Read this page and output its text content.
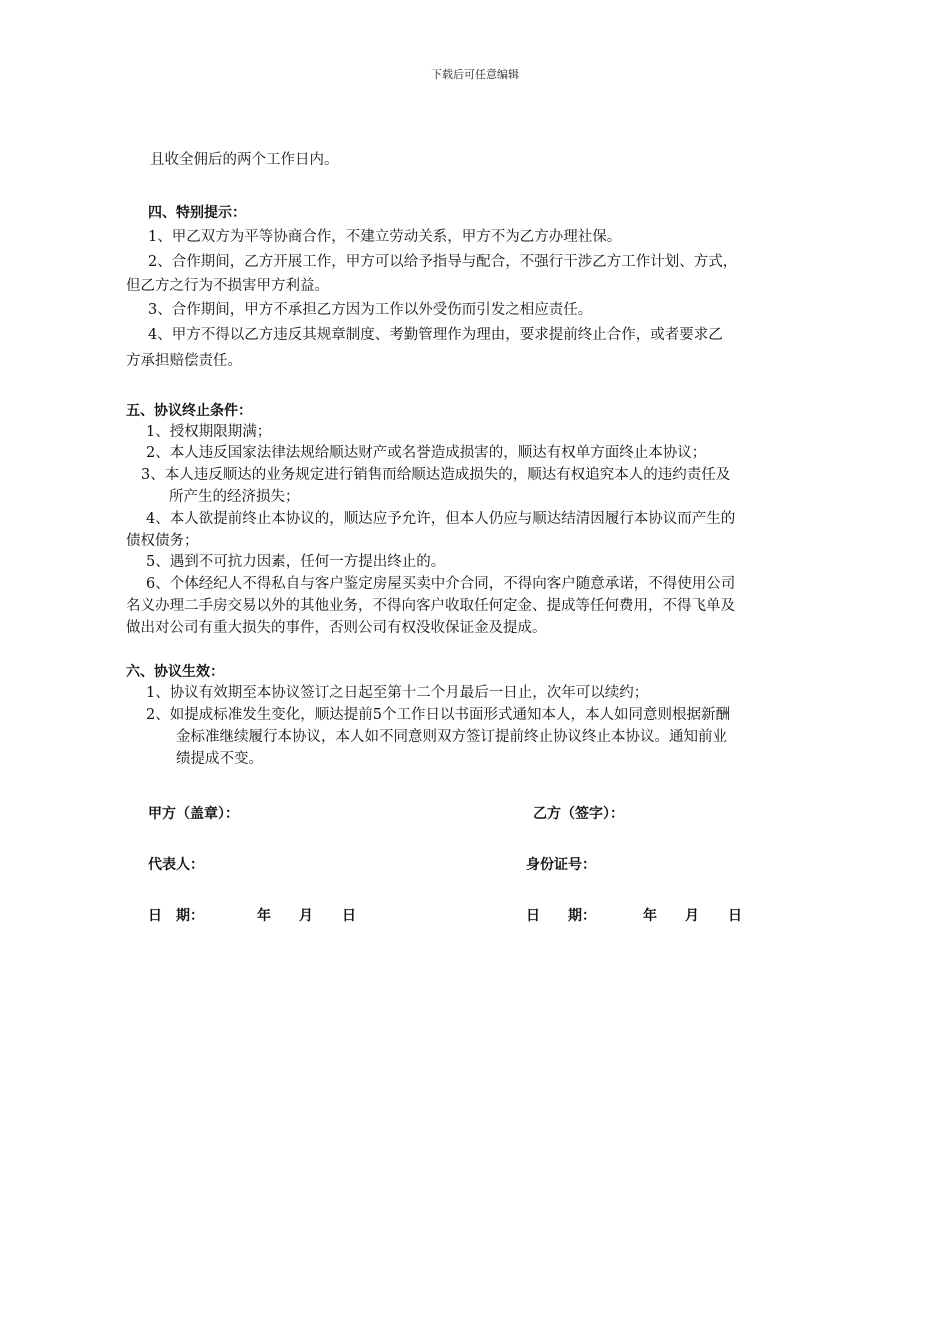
下载后可任意编辑
且收全佣后的两个工作日内。
四、特别提示：
1、甲乙双方为平等协商合作，不建立劳动关系，甲方不为乙方办理社保。
2、合作期间，乙方开展工作，甲方可以给予指导与配合，不强行干涉乙方工作计划、方式，
但乙方之行为不损害甲方利益。
3、合作期间，甲方不承担乙方因为工作以外受伤而引发之相应责任。
4、甲方不得以乙方违反其规章制度、考勤管理作为理由，要求提前终止合作，或者要求乙
方承担赔偿责任。
五、协议终止条件：
1、授权期限期满；
2、本人违反国家法律法规给顺达财产或名誉造成损害的，顺达有权单方面终止本协议；
3、本人违反顺达的业务规定进行销售而给顺达造成损失的，顺达有权追究本人的违约责任及
所产生的经济损失；
4、本人欲提前终止本协议的，顺达应予允许，但本人仍应与顺达结清因履行本协议而产生的
债权债务；
5、遇到不可抗力因素，任何一方提出终止的。
6、个体经纪人不得私自与客户鉴定房屋买卖中介合同，不得向客户随意承诺，不得使用公司
名义办理二手房交易以外的其他业务，不得向客户收取任何定金、提成等任何费用，不得飞单及
做出对公司有重大损失的事件，否则公司有权没收保证金及提成。
六、协议生效：
1、协议有效期至本协议签订之日起至第十二个月最后一日止，次年可以续约；
2、如提成标准发生变化，顺达提前5个工作日以书面形式通知本人，本人如同意则根据新酬
金标准继续履行本协议，本人如不同意则双方签订提前终止协议终止本协议。通知前业
绩提成不变。
甲方（盖章）：	乙方（签字）：
代表人：	身份证号：
日　期：	年 月 日	日　　期：	年 月 日
